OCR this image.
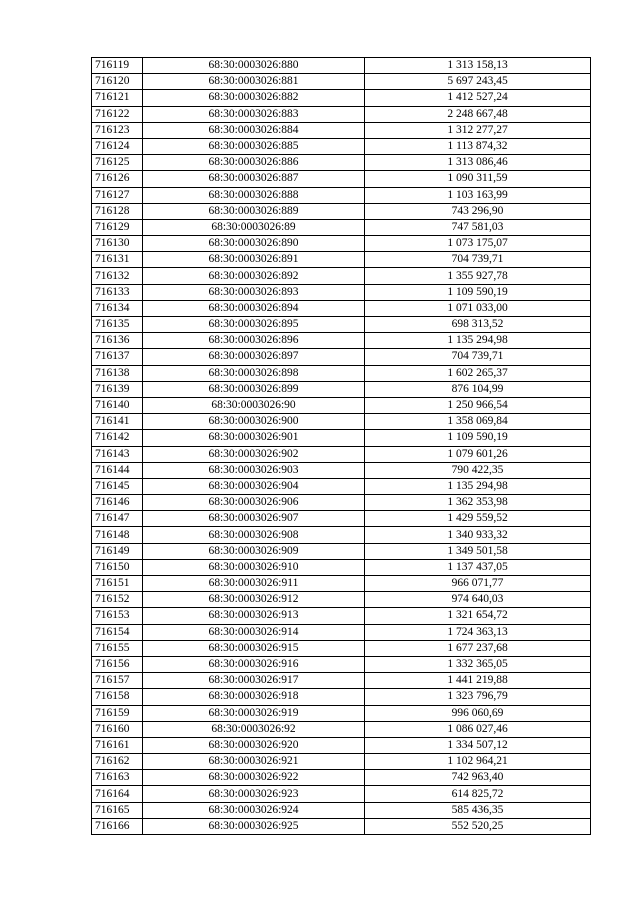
716119	68:30:0003026:880	1 313 158,13
716120	68:30:0003026:881	5 697 243,45
716121	68:30:0003026:882	1 412 527,24
716122	68:30:0003026:883	2 248 667,48
716123	68:30:0003026:884	1 312 277,27
716124	68:30:0003026:885	1 113 874,32
716125	68:30:0003026:886	1 313 086,46
716126	68:30:0003026:887	1 090 311,59
716127	68:30:0003026:888	1 103 163,99
716128	68:30:0003026:889	743 296,90
716129	68:30:0003026:89	747 581,03
716130	68:30:0003026:890	1 073 175,07
716131	68:30:0003026:891	704 739,71
716132	68:30:0003026:892	1 355 927,78
716133	68:30:0003026:893	1 109 590,19
716134	68:30:0003026:894	1 071 033,00
716135	68:30:0003026:895	698 313,52
716136	68:30:0003026:896	1 135 294,98
716137	68:30:0003026:897	704 739,71
716138	68:30:0003026:898	1 602 265,37
716139	68:30:0003026:899	876 104,99
716140	68:30:0003026:90	1 250 966,54
716141	68:30:0003026:900	1 358 069,84
716142	68:30:0003026:901	1 109 590,19
716143	68:30:0003026:902	1 079 601,26
716144	68:30:0003026:903	790 422,35
716145	68:30:0003026:904	1 135 294,98
716146	68:30:0003026:906	1 362 353,98
716147	68:30:0003026:907	1 429 559,52
716148	68:30:0003026:908	1 340 933,32
716149	68:30:0003026:909	1 349 501,58
716150	68:30:0003026:910	1 137 437,05
716151	68:30:0003026:911	966 071,77
716152	68:30:0003026:912	974 640,03
716153	68:30:0003026:913	1 321 654,72
716154	68:30:0003026:914	1 724 363,13
716155	68:30:0003026:915	1 677 237,68
716156	68:30:0003026:916	1 332 365,05
716157	68:30:0003026:917	1 441 219,88
716158	68:30:0003026:918	1 323 796,79
716159	68:30:0003026:919	996 060,69
716160	68:30:0003026:92	1 086 027,46
716161	68:30:0003026:920	1 334 507,12
716162	68:30:0003026:921	1 102 964,21
716163	68:30:0003026:922	742 963,40
716164	68:30:0003026:923	614 825,72
716165	68:30:0003026:924	585 436,35
716166	68:30:0003026:925	552 520,25
